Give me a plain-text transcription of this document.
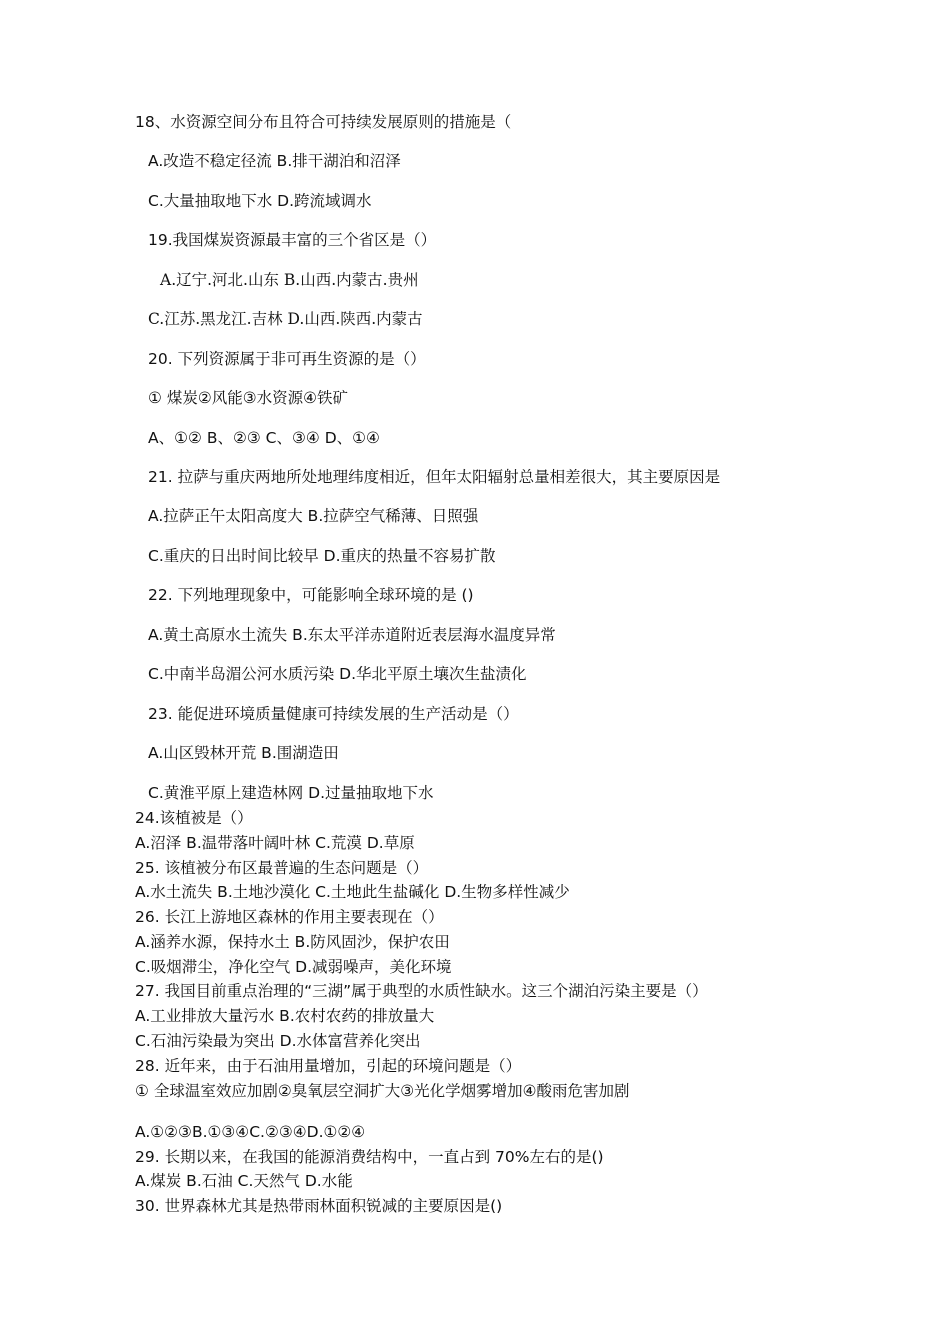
18、水资源空间分布且符合可持续发展原则的措施是（
A.改造不稳定径流 B.排干湖泊和沼泽
C.大量抽取地下水 D.跨流域调水
19.我国煤炭资源最丰富的三个省区是（）
A.辽宁.河北.山东 B.山西.内蒙古.贵州
C.江苏.黑龙江.吉林 D.山西.陕西.内蒙古
20. 下列资源属于非可再生资源的是（）
① 煤炭②风能③水资源④铁矿
A、①② B、②③ C、③④ D、①④
21. 拉萨与重庆两地所处地理纬度相近，但年太阳辐射总量相差很大，其主要原因是
A.拉萨正午太阳高度大 B.拉萨空气稀薄、日照强
C.重庆的日出时间比较早 D.重庆的热量不容易扩散
22. 下列地理现象中，可能影响全球环境的是 ()
A.黄土高原水土流失 B.东太平洋赤道附近表层海水温度异常
C.中南半岛湄公河水质污染 D.华北平原土壤次生盐渍化
23. 能促进环境质量健康可持续发展的生产活动是（）
A.山区毁林开荒 B.围湖造田
C.黄淮平原上建造林网 D.过量抽取地下水
24.该植被是（）
A.沼泽 B.温带落叶阔叶林 C.荒漠 D.草原
25. 该植被分布区最普遍的生态问题是（）
A.水土流失 B.土地沙漠化 C.土地此生盐碱化 D.生物多样性减少
26. 长江上游地区森林的作用主要表现在（）
A.涵养水源，保持水土 B.防风固沙，保护农田
C.吸烟滞尘，净化空气 D.减弱噪声，美化环境
27. 我国目前重点治理的“三湖”属于典型的水质性缺水。这三个湖泊污染主要是（）
A.工业排放大量污水 B.农村农药的排放量大
C.石油污染最为突出 D.水体富营养化突出
28. 近年来，由于石油用量增加，引起的环境问题是（）
① 全球温室效应加剧②臭氧层空洞扩大③光化学烟雾增加④酸雨危害加剧
A.①②③B.①③④C.②③④D.①②④
29. 长期以来，在我国的能源消费结构中，一直占到 70%左右的是()
A.煤炭 B.石油 C.天然气 D.水能
30. 世界森林尤其是热带雨林面积锐减的主要原因是()
